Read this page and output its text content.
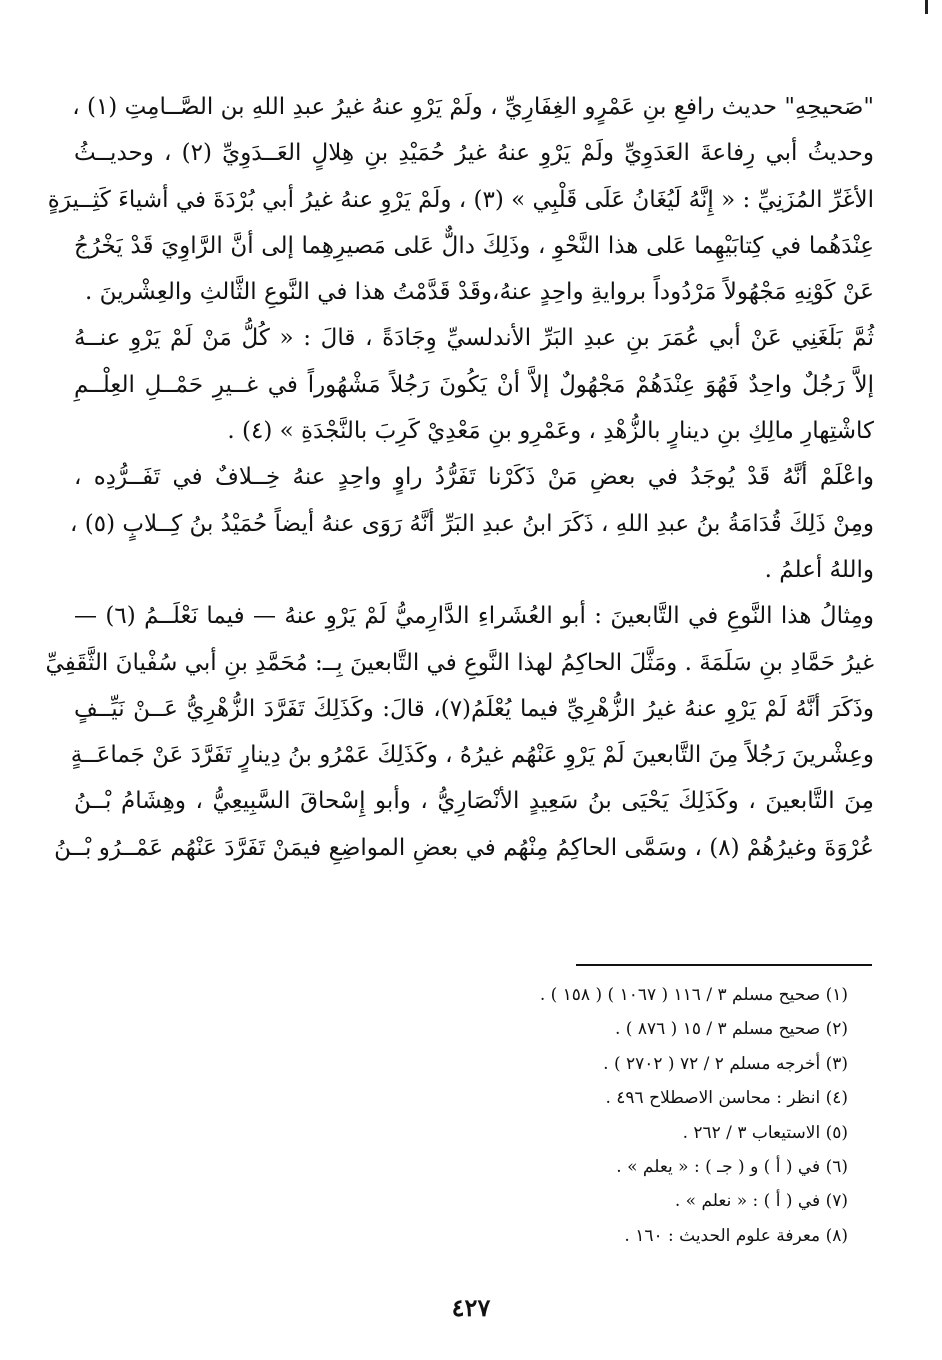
"صَحيحِهِ" حديث رافعِ بنِ عَمْرٍو الغِفَارِيِّ ، ولَمْ يَرْوِ عنهُ غيرُ عبدِ اللهِ بن الصَّــامِتِ (١) ،
وحديثُ أبي رِفاعةَ العَدَوِيِّ ولَمْ يَرْوِ عنهُ غيرُ حُمَيْدِ بنِ هِلالٍ العَــدَوِيِّ (٢) ، وحديــثُ
الأغَرِّ المُزَنِيِّ : « إِنَّهُ لَيُغَانُ عَلَى قَلْبِي » (٣) ، ولَمْ يَرْوِ عنهُ غيرُ أبي بُرْدَةَ في أشياءَ كَثِــيرَةٍ
عِنْدَهُما في كِتابَيْهِما عَلى هذا النَّحْوِ ، وذَلِكَ دالٌّ عَلى مَصيرِهِما إلى أنَّ الرَّاوِيَ قَدْ يَخْرُجُ
عَنْ كَوْنِهِ مَجْهُولاً مَرْدُوداً بروايةِ واحِدٍ عنهُ،وقَدْ قَدَّمْتُ هذا في النَّوعِ الثَّالثِ والعِشْرينَ .
ثُمَّ بَلَغَنِي عَنْ أبي عُمَرَ بنِ عبدِ البَرِّ الأندلسيِّ وِجَادَةً ، قالَ : « كُلُّ مَنْ لَمْ يَرْوِ عنــهُ
إلاَّ رَجُلٌ واحِدٌ فَهُوَ عِنْدَهُمْ مَجْهُولٌ إلاَّ أنْ يَكُونَ رَجُلاً مَشْهُوراً في غــيرِ حَمْــلِ العِلْــمِ
كاشْتِهارِ مالِكِ بنِ دينارٍ بالزُّهْدِ ، وعَمْرِو بنِ مَعْدِيْ كَرِبَ بالنَّجْدَةِ » (٤) .
واعْلَمْ أنَّهُ قَدْ يُوجَدُ في بعضِ مَنْ ذَكَرْنا تَفَرُّدُ راوٍ واحِدٍ عنهُ خِــلافٌ في تَفَــرُّدِه ،
ومِنْ ذَلِكَ قُدَامَةُ بنُ عبدِ اللهِ ، ذَكَرَ ابنُ عبدِ البَرِّ أنَّهُ رَوَى عنهُ أيضاً حُمَيْدُ بنُ كِــلابٍ (٥) ،
واللهُ أعلمُ .
ومِثالُ هذا النَّوعِ في التَّابعينَ : أبو العُشَراءِ الدَّارِميُّ لَمْ يَرْوِ عنهُ — فيما نَعْلَــمُ (٦) —
غيرُ حَمَّادِ بنِ سَلَمَةَ . ومَثَّلَ الحاكِمُ لهذا النَّوعِ في التَّابعينَ بِــ: مُحَمَّدِ بنِ أبي سُفْيانَ الثَّقَفِيِّ
وذَكَرَ أنَّهُ لَمْ يَرْوِ عنهُ غيرُ الزُّهْرِيِّ فيما يُعْلَمُ(٧)، قالَ: وكَذَلِكَ تَفَرَّدَ الزُّهْرِيُّ عَــنْ نَيِّــفٍ
وعِشْرينَ رَجُلاً مِنَ التَّابعينَ لَمْ يَرْوِ عَنْهُم غيرُهُ ، وكَذَلِكَ عَمْرُو بنُ دِينارٍ تَفَرَّدَ عَنْ جَماعَــةٍ
مِنَ التَّابعينَ ، وكَذَلِكَ يَحْيَى بنُ سَعِيدٍ الأنْصَارِيُّ ، وأبو إِسْحاقَ السَّبِيعِيُّ ، وهِشَامُ بْــنُ
عُرْوَةَ وغيرُهُمْ (٨) ، وسَمَّى الحاكِمُ مِنْهُم في بعضِ المواضِعِ فيمَنْ تَفَرَّدَ عَنْهُم عَمْــرُو بْــنُ
(١) صحيح مسلم ٣ / ١١٦ ( ١٠٦٧ ) ( ١٥٨ ) .
(٢) صحيح مسلم ٣ / ١٥ ( ٨٧٦ ) .
(٣) أخرجه مسلم ٢ / ٧٢ ( ٢٧٠٢ ) .
(٤) انظر : محاسن الاصطلاح ٤٩٦ .
(٥) الاستيعاب ٣ / ٢٦٢ .
(٦) في ( أ ) و ( جـ ) : « يعلم » .
(٧) في ( أ ) : « نعلم » .
(٨) معرفة علوم الحديث : ١٦٠ .
٤٢٧
